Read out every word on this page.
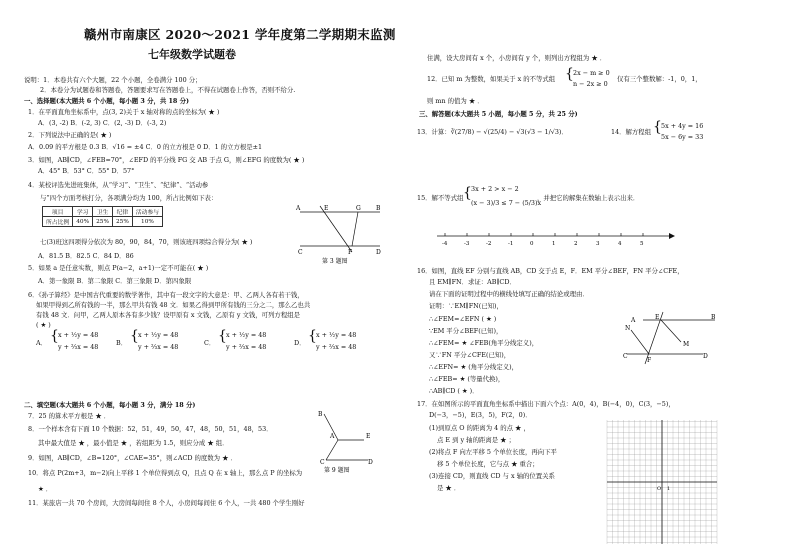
赣州市南康区 2020～2021 学年度第二学期期末监测
七年级数学试题卷
说明：1．本卷共有六个大题，22 个小题，全卷满分 100 分；
2．本卷分为试题卷和答题卷，答题要求写在答题卷上，不得在试题卷上作答，否则不给分.
一、选择题(本大题共 6 个小题，每小题 3 分，共 18 分)
1．在平面直角坐标系中，点(3, 2)关于 x 轴对称的点的坐标为( ★ )
A．(3, -2) B．(-2, 3) C．(2, -3) D．(-3, 2)
2．下列说法中正确的是( ★ )
A．0.09 的平方根是 0.3 B．√16 = ±4 C．0 的立方根是 0 D．1 的立方根是±1
3．如图，AB∥CD，∠FEB=70°，∠EFD 的平分线 FG 交 AB 于点 G，则∠EFG 的度数为( ★ )
A．45° B．53° C．55° D．57°
4．某校评选先进班集体，从“学习”、“卫生”、“纪律”、“活动参
与”四个方面考核打分，各项满分均为 100，所占比例如下表：
项目	学习	卫生	纪律	活动参与
所占比例	40%	25%	25%	10%
七(3)班这四项得分依次为 80，90，84，70，则该班四项综合得分为( ★ )
A．81.5 B．82.5 C．84 D．86
A	E	G	B
C	F	D
第 3 题图
5．如果 a 是任意实数，则点 P(a−2，a+1)一定不可能在( ★ )
A．第一象限 B．第二象限 C．第三象限 D．第四象限
6．《孙子算经》是中国古代重要的数学著作，其中有一段文字的大意是：甲、乙两人各有若干钱，
如果甲得到乙所有钱的一半，那么甲共有钱 48 文．如果乙得到甲所有钱的三分之二，那么乙也共
有钱 48 文．问甲，乙两人原本各有多少钱？设甲原有 x 文钱，乙原有 y 文钱，可列方程组是
( ★ )
A． { x + ½y = 48
y + ⅔x = 48	B． { x + ½y = 48
y + ⅔x = 48	C． { x + ½y = 48
y + ⅔x = 48	D． { x + ½y = 48
y + ⅔x = 48
二、填空题(本大题共 6 个小题，每小题 3 分，满分 18 分)
7．25 的算术平方根是 ★ ．
8．一个样本含有下面 10 个数据：52，51，49，50，47，48，50，51，48，53．
其中最大值是 ★ ，最小值是 ★ ，若组距为 1.5，则应分成 ★ 组．
9．如图，AB∥CD，∠B=120°，∠CAE=35°，则∠ACD 的度数为 ★ ．
B
A
C	D
E
第 9 题图
10．将点 P(2m+3，m−2)向上平移 1 个单位得到点 Q，且点 Q 在 x 轴上，那么点 P 的坐标为
★ ．
11．某旅店一共 70 个房间，大房间每间住 8 个人，小房间每间住 6 个人，一共 480 个学生刚好
住满，设大房间有 x 个，小房间有 y 个，则列出方程组为 ★ ．
12．已知 m 为整数，如果关于 x 的不等式组 { 2x − m ≥ 0
n − 2x ≥ 0
仅有三个整数解：-1，0，1，
则 mn 的值为 ★ ．
三、解答题(本大题共 5 小题，每小题 5 分，共 25 分)
13．计算：∛(27/8) − √(25/4) − √3(√3 − 1/√3)．	14．解方程组 { 5x + 4y = 16
5x − 6y = 33
15．解不等式组 { 3x + 2 > x − 2
(x − 3)/3 ≤ 7 − (5/3)x
，并把它的解集在数轴上表示出来．
-4	-3	-2	-1	0	1	2	3	4	5
16．如图，直线 EF 分别与直线 AB，CD 交于点 E，F．EM 平分∠BEF，FN 平分∠CFE，
且 EM∥FN．求证：AB∥CD．
请在下面的证明过程中的横线处填写正确的结论或理由．
证明：∵EM∥FN(已知)，
∴∠FEM=∠EFN ( ★ )
∵EM 平分∠BEF(已知)，
∴∠FEM= ★ ∠FEB(角平分线定义)，
又∵FN 平分∠CFE(已知)，
∴∠EFN= ★ (角平分线定义)，
∴∠FEB= ★ (等量代换)，
∴AB∥CD ( ★ )．
N
E	B
A
M
C
F
D
17．在如图所示的平面直角坐标系中描出下面六个点：A(0，4)，B(−4，0)，C(3，−5)，
D(−3，−5)，E(3，5)，F(2，0)．
(1)到原点 O 的距离为 4 的点 ★ ，
点 E 到 y 轴的距离是 ★ ；
(2)将点 F 向左平移 5 个单位长度，再向下平
移 5 个单位长度，它与点 ★ 重合；
(3)连接 CD，则直线 CD 与 x 轴的位置关系
是 ★ ．	O 1
